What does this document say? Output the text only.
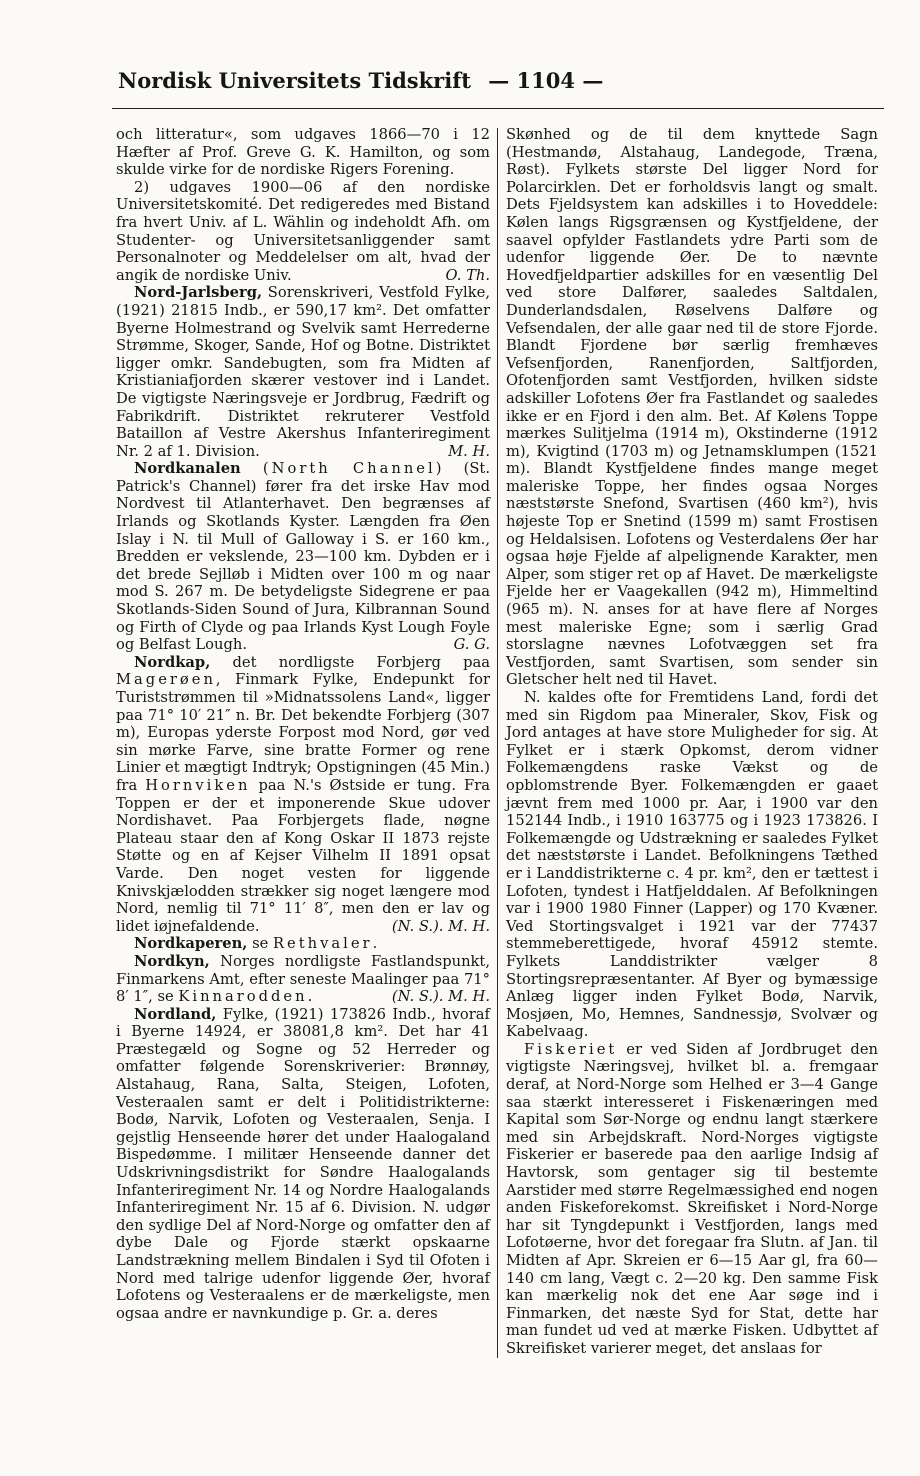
Nordisk Universitets Tidskrift — 1104 —

och litteratur«, som udgaves 1866—70 i 12 Hæfter af Prof. Greve G. K. Hamilton, og som skulde virke for de nordiske Rigers Forening.

2) udgaves 1900—06 af den nordiske Universitetskomité. Det redigeredes med Bistand fra hvert Univ. af L. Wählin og indeholdt Afh. om Studenter- og Universitetsanliggender samt Personalnoter og Meddelelser om alt, hvad der angik de nordiske Univ.	O. Th.

Nord-Jarlsberg, Sorenskriveri, Vestfold Fylke, (1921) 21815 Indb., er 590,17 km². Det omfatter Byerne Holmestrand og Svelvik samt Herrederne Strømme, Skoger, Sande, Hof og Botne. Distriktet ligger omkr. Sandebugten, som fra Midten af Kristianiafjorden skærer vestover ind i Landet. De vigtigste Næringsveje er Jordbrug, Fædrift og Fabrikdrift. Distriktet rekruterer Vestfold Bataillon af Vestre Akershus Infanteriregiment Nr. 2 af 1. Division.	M. H.

Nordkanalen (North Channel) (St. Patrick's Channel) fører fra det irske Hav mod Nordvest til Atlanterhavet. Den begrænses af Irlands og Skotlands Kyster. Længden fra Øen Islay i N. til Mull of Galloway i S. er 160 km., Bredden er vekslende, 23—100 km. Dybden er i det brede Sejlløb i Midten over 100 m og naar mod S. 267 m. De betydeligste Sidegrene er paa Skotlands-Siden Sound of Jura, Kilbrannan Sound og Firth of Clyde og paa Irlands Kyst Lough Foyle og Belfast Lough.	G. G.

Nordkap, det nordligste Forbjerg paa Magerøen, Finmark Fylke, Endepunkt for Turiststrømmen til »Midnatssolens Land«, ligger paa 71° 10′ 21″ n. Br. Det bekendte Forbjerg (307 m), Europas yderste Forpost mod Nord, gør ved sin mørke Farve, sine bratte Former og rene Linier et mægtigt Indtryk; Opstigningen (45 Min.) fra Hornviken paa N.'s Østside er tung. Fra Toppen er der et imponerende Skue udover Nordishavet. Paa Forbjergets flade, nøgne Plateau staar den af Kong Oskar II 1873 rejste Støtte og en af Kejser Vilhelm II 1891 opsat Varde. Den noget vesten for liggende Knivskjælodden strækker sig noget længere mod Nord, nemlig til 71° 11′ 8″, men den er lav og lidet iøjnefaldende.	(N. S.). M. H.

Nordkaperen, se Rethvaler.

Nordkyn, Norges nordligste Fastlandspunkt, Finmarkens Amt, efter seneste Maalinger paa 71° 8′ 1″, se Kinnarodden.	(N. S.). M. H.

Nordland, Fylke, (1921) 173826 Indb., hvoraf i Byerne 14924, er 38081,8 km². Det har 41 Præstegæld og Sogne og 52 Herreder og omfatter følgende Sorenskriverier: Brønnøy, Alstahaug, Rana, Salta, Steigen, Lofoten, Vesteraalen samt er delt i Politidistrikterne: Bodø, Narvik, Lofoten og Vesteraalen, Senja. I gejstlig Henseende hører det under Haalogaland Bispedømme. I militær Henseende danner det Udskrivningsdistrikt for Søndre Haalogalands Infanteriregiment Nr. 14 og Nordre Haalogalands Infanteriregiment Nr. 15 af 6. Division. N. udgør den sydlige Del af Nord-Norge og omfatter den af dybe Dale og Fjorde stærkt opskaarne Landstrækning mellem Bindalen i Syd til Ofoten i Nord med talrige udenfor liggende Øer, hvoraf Lofotens og Vesteraalens er de mærkeligste, men ogsaa andre er navnkundige p. Gr. a. deres

Skønhed og de til dem knyttede Sagn (Hestmandø, Alstahaug, Landegode, Træna, Røst). Fylkets største Del ligger Nord for Polarcirklen. Det er forholdsvis langt og smalt. Dets Fjeldsystem kan adskilles i to Hoveddele: Kølen langs Rigsgrænsen og Kystfjeldene, der saavel opfylder Fastlandets ydre Parti som de udenfor liggende Øer. De to nævnte Hovedfjeldpartier adskilles for en væsentlig Del ved store Dalfører, saaledes Saltdalen, Dunderlandsdalen, Røselvens Dalføre og Vefsendalen, der alle gaar ned til de store Fjorde. Blandt Fjordene bør særlig fremhæves Vefsenfjorden, Ranenfjorden, Saltfjorden, Ofotenfjorden samt Vestfjorden, hvilken sidste adskiller Lofotens Øer fra Fastlandet og saaledes ikke er en Fjord i den alm. Bet. Af Kølens Toppe mærkes Sulitjelma (1914 m), Okstinderne (1912 m), Kvigtind (1703 m) og Jetnamsklumpen (1521 m). Blandt Kystfjeldene findes mange meget maleriske Toppe, her findes ogsaa Norges næststørste Snefond, Svartisen (460 km²), hvis højeste Top er Snetind (1599 m) samt Frostisen og Heldalsisen. Lofotens og Vesterdalens Øer har ogsaa høje Fjelde af alpelignende Karakter, men Alper, som stiger ret op af Havet. De mærkeligste Fjelde her er Vaagekallen (942 m), Himmeltind (965 m). N. anses for at have flere af Norges mest maleriske Egne; som i særlig Grad storslagne nævnes Lofotvæggen set fra Vestfjorden, samt Svartisen, som sender sin Gletscher helt ned til Havet.

N. kaldes ofte for Fremtidens Land, fordi det med sin Rigdom paa Mineraler, Skov, Fisk og Jord antages at have store Muligheder for sig. At Fylket er i stærk Opkomst, derom vidner Folkemængdens raske Vækst og de opblomstrende Byer. Folkemængden er gaaet jævnt frem med 1000 pr. Aar, i 1900 var den 152144 Indb., i 1910 163775 og i 1923 173826. I Folkemængde og Udstrækning er saaledes Fylket det næststørste i Landet. Befolkningens Tæthed er i Landdistrikterne c. 4 pr. km², den er tættest i Lofoten, tyndest i Hatfjelddalen. Af Befolkningen var i 1900 1980 Finner (Lapper) og 170 Kvæner. Ved Stortingsvalget i 1921 var der 77437 stemmeberettigede, hvoraf 45912 stemte. Fylkets Landdistrikter vælger 8 Stortingsrepræsentanter. Af Byer og bymæssige Anlæg ligger inden Fylket Bodø, Narvik, Mosjøen, Mo, Hemnes, Sandnessjø, Svolvær og Kabelvaag.

Fiskeriet er ved Siden af Jordbruget den vigtigste Næringsvej, hvilket bl. a. fremgaar deraf, at Nord-Norge som Helhed er 3—4 Gange saa stærkt interesseret i Fiskenæringen med Kapital som Sør-Norge og endnu langt stærkere med sin Arbejdskraft. Nord-Norges vigtigste Fiskerier er baserede paa den aarlige Indsig af Havtorsk, som gentager sig til bestemte Aarstider med større Regelmæssighed end nogen anden Fiskeforekomst. Skreifisket i Nord-Norge har sit Tyngdepunkt i Vestfjorden, langs med Lofotøerne, hvor det foregaar fra Slutn. af Jan. til Midten af Apr. Skreien er 6—15 Aar gl, fra 60—140 cm lang, Vægt c. 2—20 kg. Den samme Fisk kan mærkelig nok det ene Aar søge ind i Finmarken, det næste Syd for Stat, dette har man fundet ud ved at mærke Fisken. Udbyttet af Skreifisket varierer meget, det anslaas for
